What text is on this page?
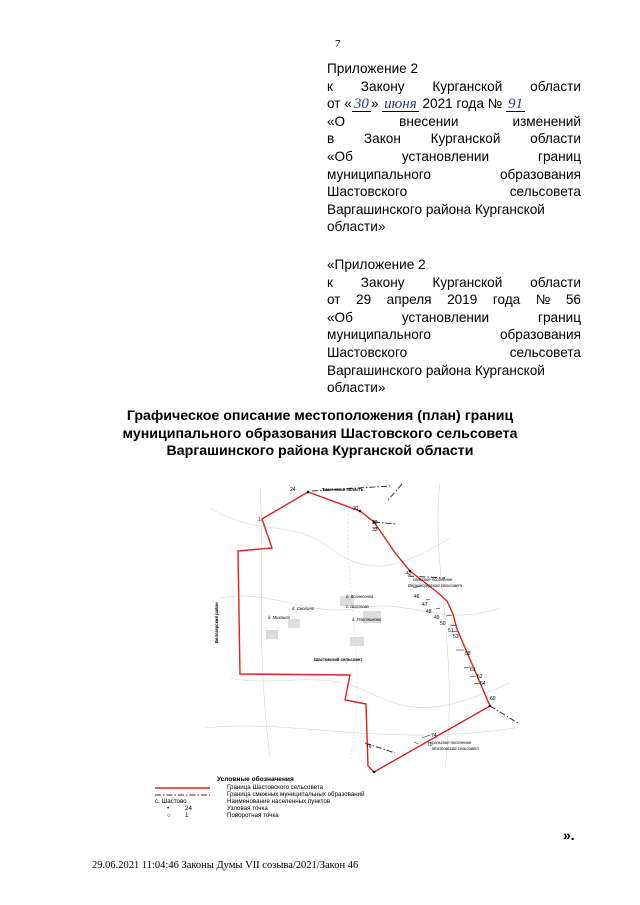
7
Приложение 2
к Закону Курганской области
от « 30 » июня 2021 года № 91
«О	внесении	изменений
в Закон Курганской области
«Об	установлении	границ
муниципального	образования
Шастовского	сельсовета
Варгашинского района Курганской
области»
«Приложение 2
к Закону Курганской области
от 29 апреля 2019 года № 56
«Об	установлении	границ
муниципального	образования
Шастовского	сельсовета
Варгашинского района Курганской
области»
Графическое описание местоположения (план) границ
муниципального образования Шастовского сельсовета
Варгашинского района Курганской области
Тюменская область
24
1
31
32
33
42
46
47
48
49
50
51
53
58
61
62
64
69
74
75
76
сельское поселение
Верхнесуерский сельсовет
сельское поселение
Мостовской сельсовет
д. Вознесенка
с. Шастово
д. Смолино
д. Михаила	д. Плотниково
Шастовский сельсовет
Белозерский район
Условные обозначения
Граница Шастовского сельсовета
Граница смежных муниципальных образований
с. Шастово	Наименование населенных пунктов
•	24	Узловая точка
○ 1	Поворотная точка
».
29.06.2021 11:04:46 Законы Думы VII созыва/2021/Закон 46
